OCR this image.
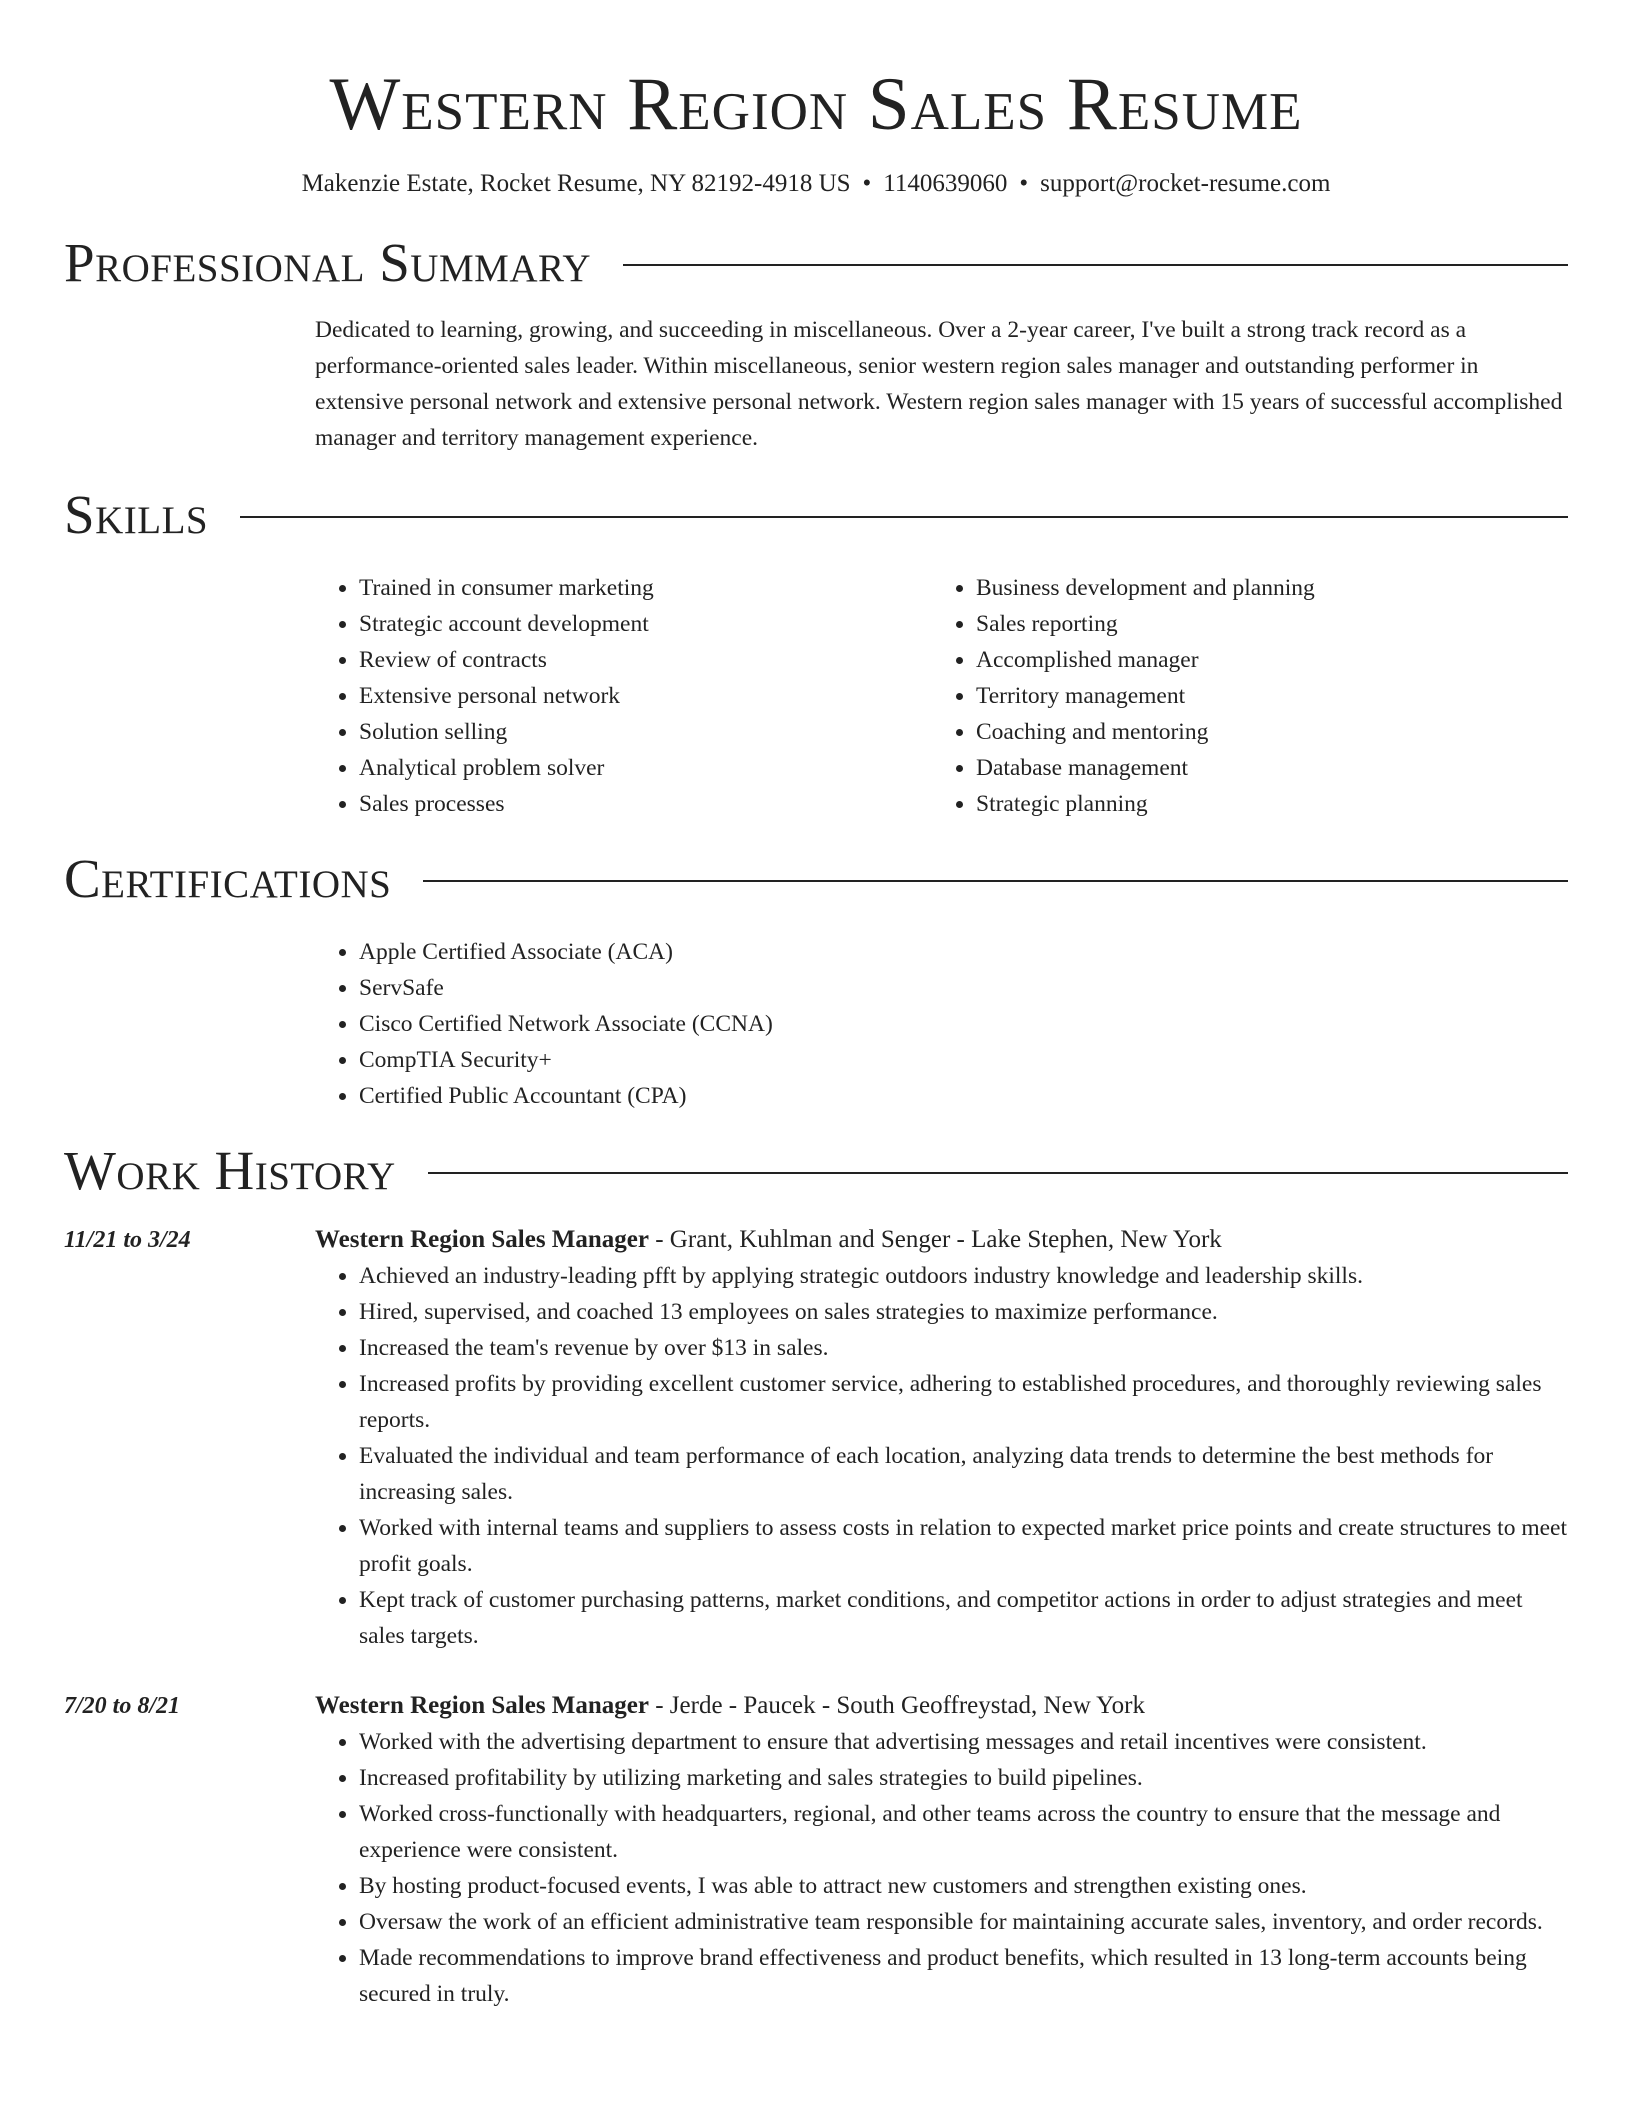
Western Region Sales Resume
Makenzie Estate, Rocket Resume, NY 82192-4918 US • 1140639060 • support@rocket-resume.com
Professional Summary

Dedicated to learning, growing, and succeeding in miscellaneous. Over a 2-year career, I've built a strong track record as a performance-oriented sales leader. Within miscellaneous, senior western region sales manager and outstanding performer in extensive personal network and extensive personal network. Western region sales manager with 15 years of successful accomplished manager and territory management experience.

Skills
• Trained in consumer marketing
• Strategic account development
• Review of contracts
• Extensive personal network
• Solution selling
• Analytical problem solver
• Sales processes
• Business development and planning
• Sales reporting
• Accomplished manager
• Territory management
• Coaching and mentoring
• Database management
• Strategic planning
Certifications
• Apple Certified Associate (ACA)
• ServSafe
• Cisco Certified Network Associate (CCNA)
• CompTIA Security+
• Certified Public Accountant (CPA)
Work History
11/21 to 3/24	Western Region Sales Manager - Grant, Kuhlman and Senger - Lake Stephen, New York
• Achieved an industry-leading pfft by applying strategic outdoors industry knowledge and leadership skills.
• Hired, supervised, and coached 13 employees on sales strategies to maximize performance.
• Increased the team's revenue by over $13 in sales.
• Increased profits by providing excellent customer service, adhering to established procedures, and thoroughly reviewing sales reports.
• Evaluated the individual and team performance of each location, analyzing data trends to determine the best methods for increasing sales.
• Worked with internal teams and suppliers to assess costs in relation to expected market price points and create structures to meet profit goals.
• Kept track of customer purchasing patterns, market conditions, and competitor actions in order to adjust strategies and meet sales targets.
7/20 to 8/21	Western Region Sales Manager - Jerde - Paucek - South Geoffreystad, New York
• Worked with the advertising department to ensure that advertising messages and retail incentives were consistent.
• Increased profitability by utilizing marketing and sales strategies to build pipelines.
• Worked cross-functionally with headquarters, regional, and other teams across the country to ensure that the message and experience were consistent.
• By hosting product-focused events, I was able to attract new customers and strengthen existing ones.
• Oversaw the work of an efficient administrative team responsible for maintaining accurate sales, inventory, and order records.
• Made recommendations to improve brand effectiveness and product benefits, which resulted in 13 long-term accounts being secured in truly.
